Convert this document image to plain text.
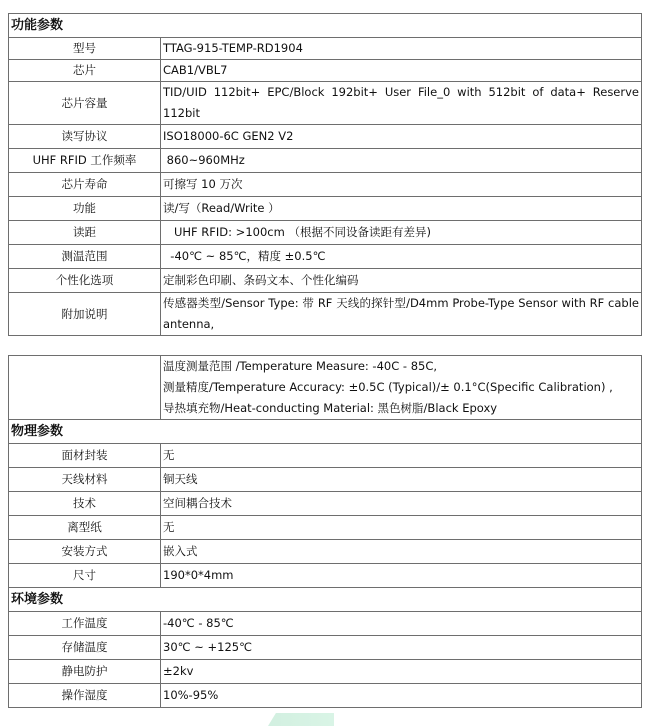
功能参数	
型号	TTAG-915-TEMP-RD1904
芯片	CAB1/VBL7
芯片容量	TID/UID 112bit+ EPC/Block 192bit+ User File_0 with 512bit of data+ Reserve 112bit
读写协议	ISO18000-6C GEN2 V2
UHF RFID 工作频率	860~960MHz
芯片寿命	可擦写 10 万次
功能	读/写（Read/Write ）
读距	UHF RFID: >100cm （根据不同设备读距有差异)
测温范围	-40℃ ~ 85℃，精度 ±0.5℃
个性化选项	定制彩色印刷、条码文本、个性化编码
附加说明	传感器类型/Sensor Type: 带 RF 天线的探针型/D4mm Probe-Type Sensor with RF cable antenna,

	温度测量范围 /Temperature Measure: -40C - 85C,
测量精度/Temperature Accuracy: ±0.5C (Typical)/± 0.1°C(Specific Calibration) ,
导热填充物/Heat-conducting Material: 黑色树脂/Black Epoxy

物理参数	
面材封装	无
天线材料	铜天线
技术	空间耦合技术
离型纸	无
安装方式	嵌入式
尺寸	190*0*4mm
环境参数	
工作温度	-40℃ - 85℃
存储温度	30℃ ~ +125℃
静电防护	±2kv
操作湿度	10%-95%
